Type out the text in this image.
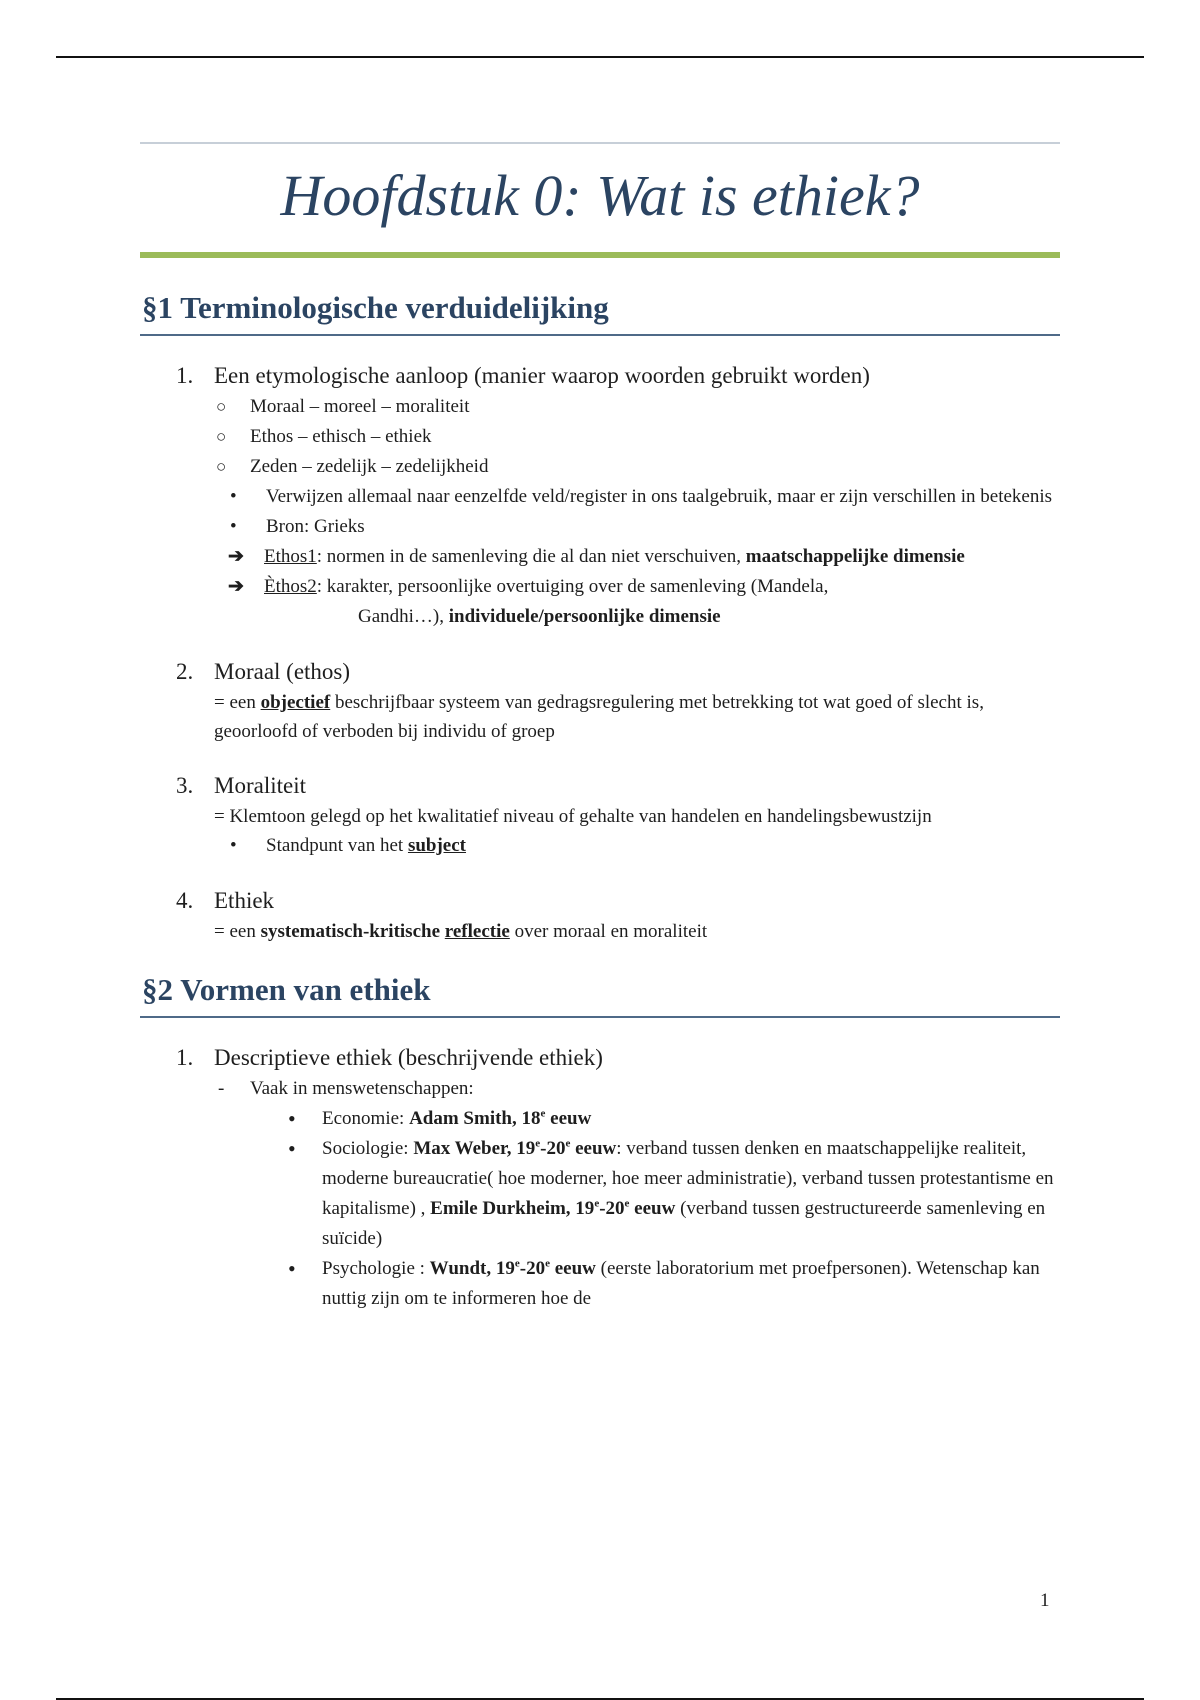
Hoofdstuk 0: Wat is ethiek?
§1 Terminologische verduidelijking
1. Een etymologische aanloop (manier waarop woorden gebruikt worden)
○ Moraal – moreel – moraliteit
○ Ethos – ethisch – ethiek
○ Zeden – zedelijk – zedelijkheid
• Verwijzen allemaal naar eenzelfde veld/register in ons taalgebruik, maar er zijn verschillen in betekenis
• Bron: Grieks
➔ Ethos1: normen in de samenleving die al dan niet verschuiven, maatschappelijke dimensie
➔ Èthos2: karakter, persoonlijke overtuiging over de samenleving (Mandela,
Gandhi…), individuele/persoonlijke dimensie
2. Moraal (ethos)
= een objectief beschrijfbaar systeem van gedragsregulering met betrekking tot wat goed of slecht is, geoorloofd of verboden bij individu of groep
3. Moraliteit
= Klemtoon gelegd op het kwalitatief niveau of gehalte van handelen en handelingsbewustzijn
• Standpunt van het subject
4. Ethiek
= een systematisch-kritische reflectie over moraal en moraliteit
§2 Vormen van ethiek
1. Descriptieve ethiek (beschrijvende ethiek)
- Vaak in menswetenschappen:
• Economie: Adam Smith, 18e eeuw
• Sociologie: Max Weber, 19e-20e eeuw: verband tussen denken en maatschappelijke realiteit, moderne bureaucratie( hoe moderner, hoe meer administratie), verband tussen protestantisme en kapitalisme) , Emile Durkheim, 19e-20e eeuw (verband tussen gestructureerde samenleving en suïcide)
• Psychologie : Wundt, 19e-20e eeuw (eerste laboratorium met proefpersonen). Wetenschap kan nuttig zijn om te informeren hoe de
1
